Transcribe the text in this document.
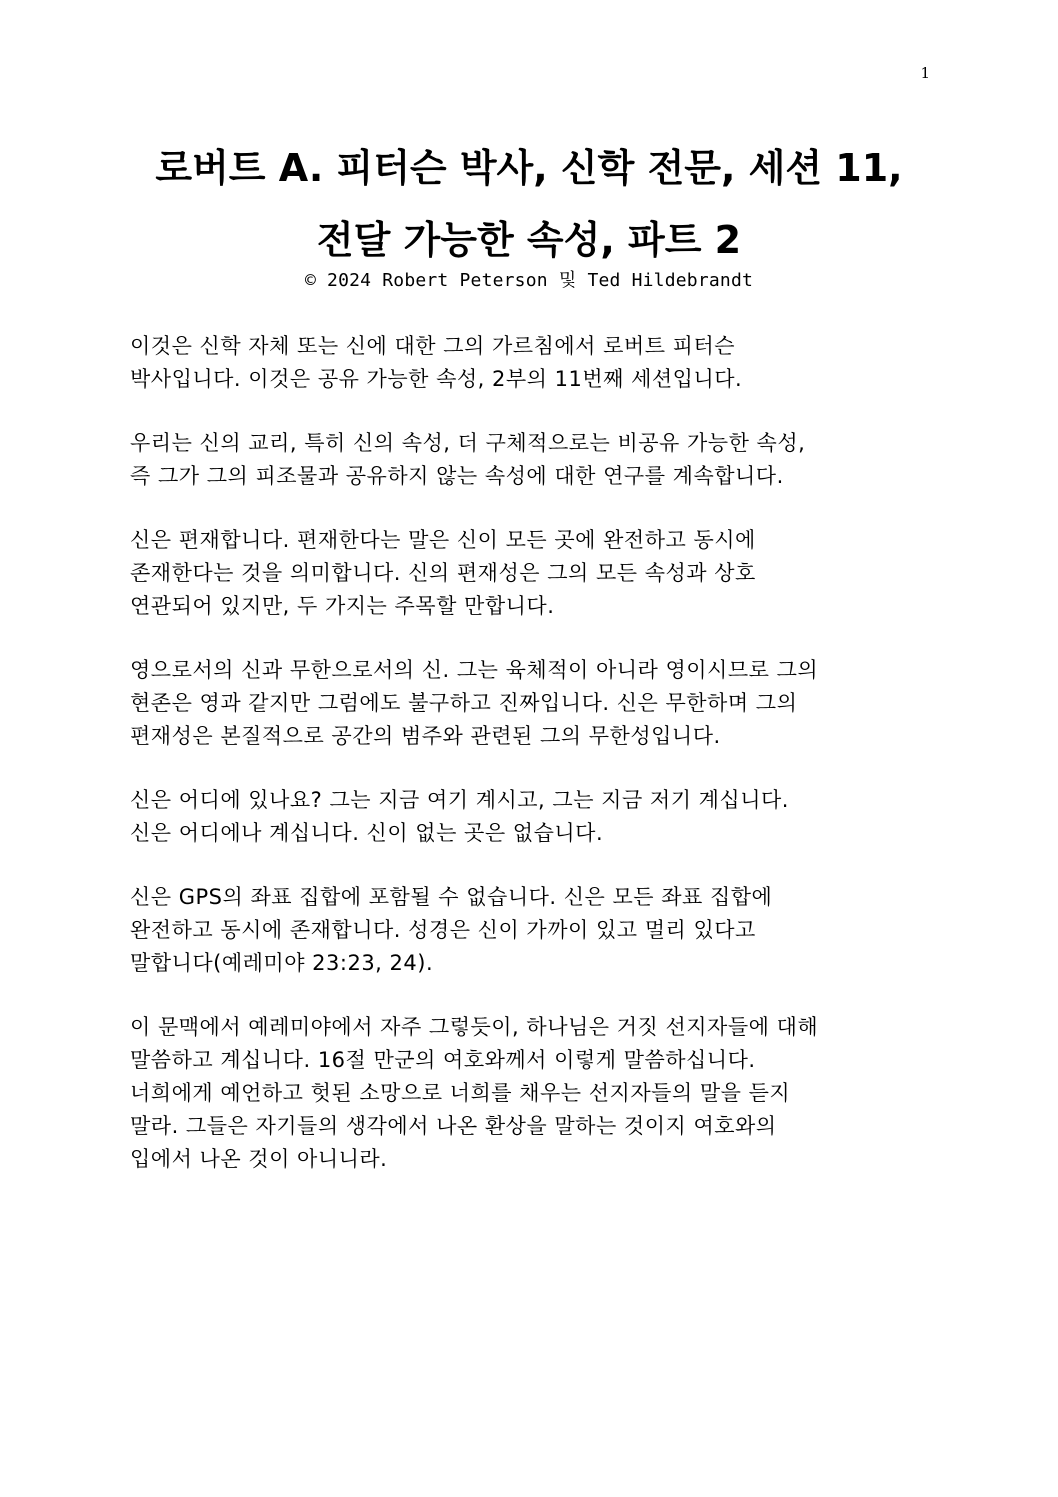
1
로버트 A. 피터슨 박사, 신학 전문, 세션 11,
전달 가능한 속성, 파트 2
© 2024 Robert Peterson 및 Ted Hildebrandt

이것은 신학 자체 또는 신에 대한 그의 가르침에서 로버트 피터슨
박사입니다. 이것은 공유 가능한 속성, 2부의 11번째 세션입니다.

우리는 신의 교리, 특히 신의 속성, 더 구체적으로는 비공유 가능한 속성,
즉 그가 그의 피조물과 공유하지 않는 속성에 대한 연구를 계속합니다.

신은 편재합니다. 편재한다는 말은 신이 모든 곳에 완전하고 동시에
존재한다는 것을 의미합니다. 신의 편재성은 그의 모든 속성과 상호
연관되어 있지만, 두 가지는 주목할 만합니다.

영으로서의 신과 무한으로서의 신. 그는 육체적이 아니라 영이시므로 그의
현존은 영과 같지만 그럼에도 불구하고 진짜입니다. 신은 무한하며 그의
편재성은 본질적으로 공간의 범주와 관련된 그의 무한성입니다.

신은 어디에 있나요? 그는 지금 여기 계시고, 그는 지금 저기 계십니다.
신은 어디에나 계십니다. 신이 없는 곳은 없습니다.

신은 GPS의 좌표 집합에 포함될 수 없습니다. 신은 모든 좌표 집합에
완전하고 동시에 존재합니다. 성경은 신이 가까이 있고 멀리 있다고
말합니다(예레미야 23:23, 24).

이 문맥에서 예레미야에서 자주 그렇듯이, 하나님은 거짓 선지자들에 대해
말씀하고 계십니다. 16절 만군의 여호와께서 이렇게 말씀하십니다.
너희에게 예언하고 헛된 소망으로 너희를 채우는 선지자들의 말을 듣지
말라. 그들은 자기들의 생각에서 나온 환상을 말하는 것이지 여호와의
입에서 나온 것이 아니니라.
